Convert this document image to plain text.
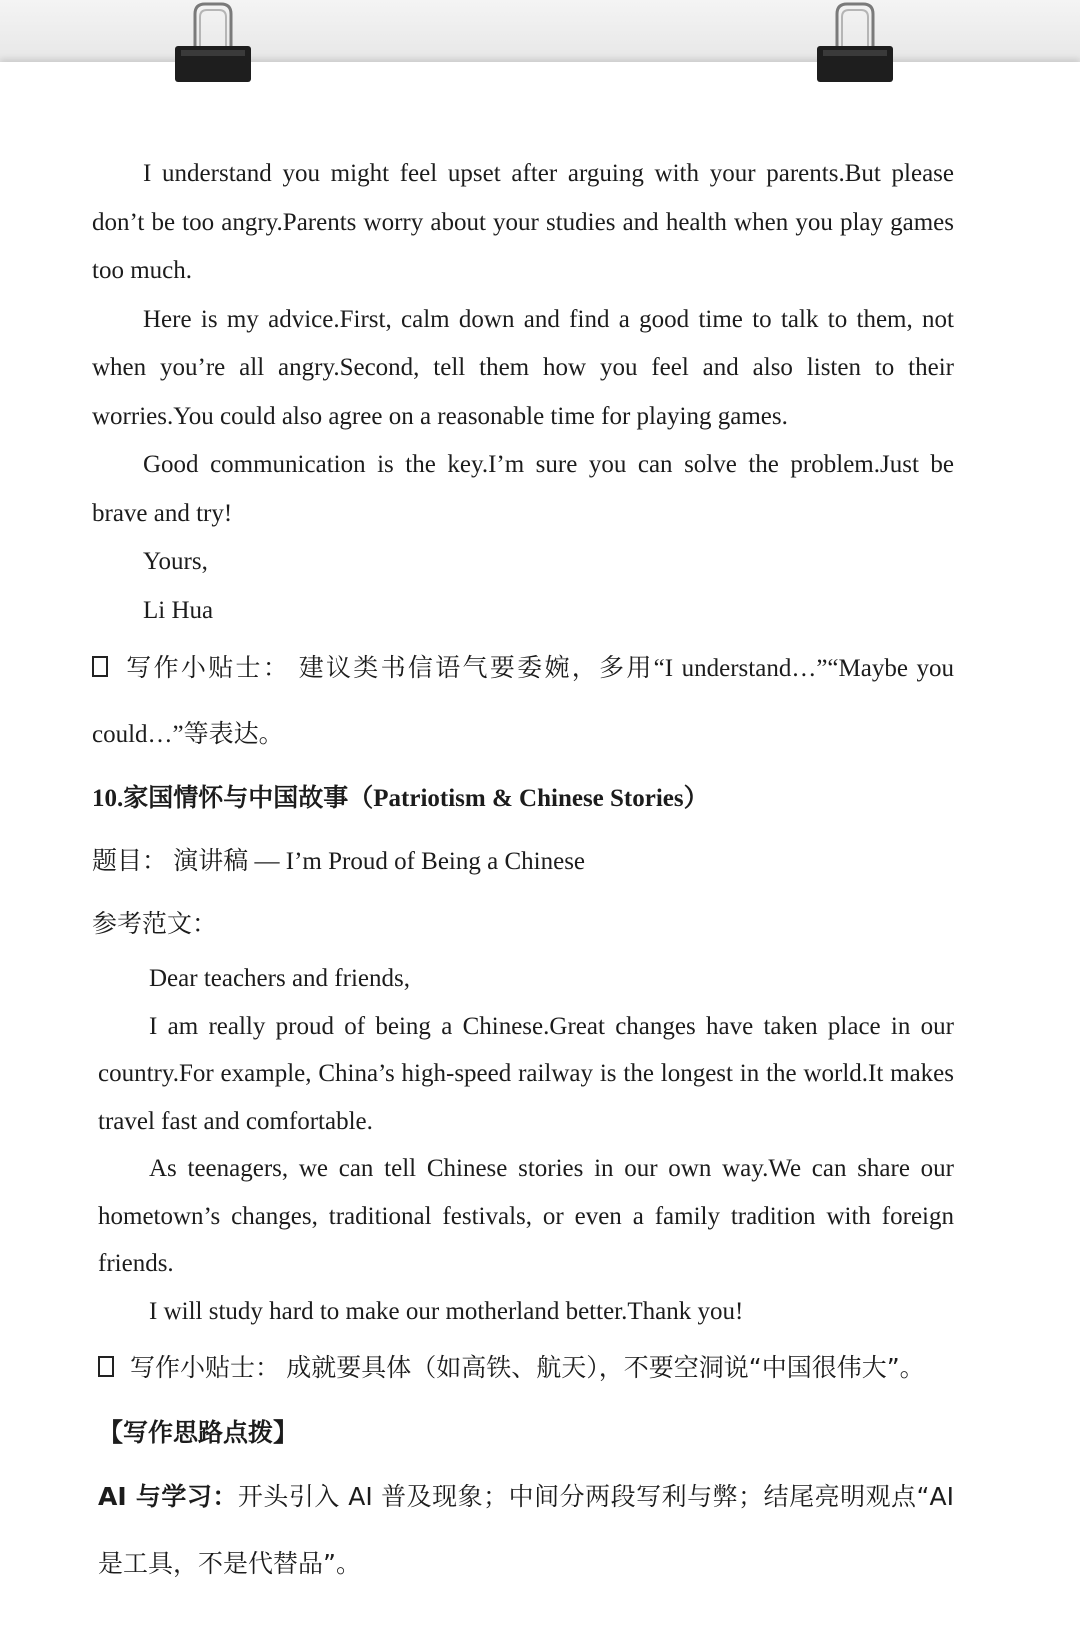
I understand you might feel upset after arguing with your parents.But please don’t be too angry.Parents worry about your studies and health when you play games too much.

Here is my advice.First, calm down and find a good time to talk to them, not when you’re all angry.Second, tell them how you feel and also listen to their worries.You could also agree on a reasonable time for playing games.

Good communication is the key.I’m sure you can solve the problem.Just be brave and try!

Yours,

Li Hua

写作小贴士： 建议类书信语气要委婉，多用“I understand…”“Maybe you could…”等表达。

10.家国情怀与中国故事（Patriotism & Chinese Stories）

题目： 演讲稿 — I’m Proud of Being a Chinese

参考范文：

Dear teachers and friends,

I am really proud of being a Chinese.Great changes have taken place in our country.For example, China’s high-speed railway is the longest in the world.It makes travel fast and comfortable.

As teenagers, we can tell Chinese stories in our own way.We can share our hometown’s changes, traditional festivals, or even a family tradition with foreign friends.

I will study hard to make our motherland better.Thank you!

写作小贴士： 成就要具体（如高铁、航天），不要空洞说“中国很伟大”。

【写作思路点拨】

AI 与学习：开头引入 AI 普及现象；中间分两段写利与弊；结尾亮明观点“AI 是工具，不是代替品”。
